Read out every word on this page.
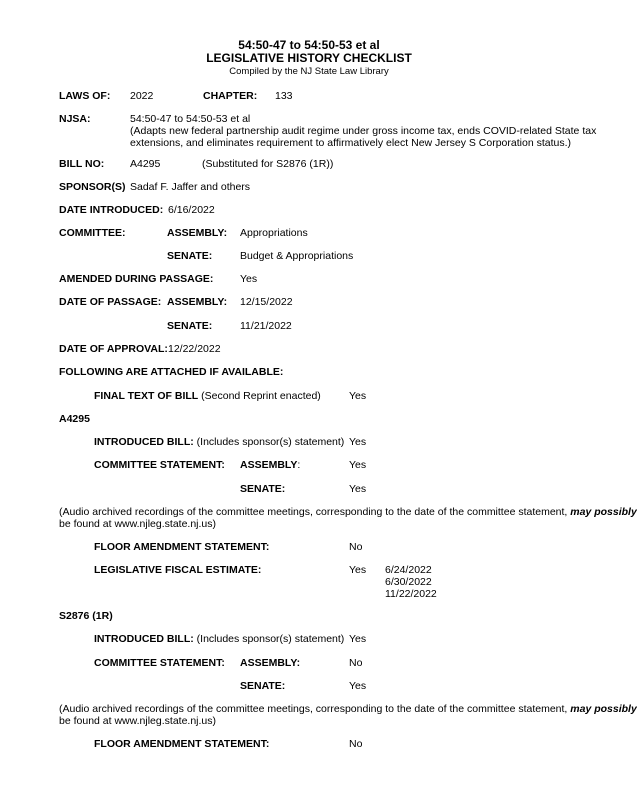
54:50-47 to 54:50-53 et al
LEGISLATIVE HISTORY CHECKLIST
Compiled by the NJ State Law Library
LAWS OF: 2022	CHAPTER: 133
NJSA:	54:50-47 to 54:50-53 et al
(Adapts new federal partnership audit regime under gross income tax, ends COVID-related State tax
extensions, and eliminates requirement to affirmatively elect New Jersey S Corporation status.)
BILL NO: A4295	(Substituted for S2876 (1R))
SPONSOR(S) Sadaf F. Jaffer and others
DATE INTRODUCED: 6/16/2022
COMMITTEE:	ASSEMBLY: Appropriations
SENATE:	Budget & Appropriations
AMENDED DURING PASSAGE:	Yes
DATE OF PASSAGE: ASSEMBLY: 12/15/2022
SENATE:	11/21/2022
DATE OF APPROVAL: 12/22/2022
FOLLOWING ARE ATTACHED IF AVAILABLE:
FINAL TEXT OF BILL (Second Reprint enacted)	Yes
A4295
INTRODUCED BILL: (Includes sponsor(s) statement) Yes
COMMITTEE STATEMENT: ASSEMBLY:	Yes
SENATE:	Yes
(Audio archived recordings of the committee meetings, corresponding to the date of the committee statement, may possibly
be found at www.njleg.state.nj.us)
FLOOR AMENDMENT STATEMENT:	No
LEGISLATIVE FISCAL ESTIMATE:	Yes 6/24/2022
6/30/2022
11/22/2022
S2876 (1R)
INTRODUCED BILL: (Includes sponsor(s) statement) Yes
COMMITTEE STATEMENT: ASSEMBLY:	No
SENATE:	Yes
(Audio archived recordings of the committee meetings, corresponding to the date of the committee statement, may possibly
be found at www.njleg.state.nj.us)
FLOOR AMENDMENT STATEMENT:	No
